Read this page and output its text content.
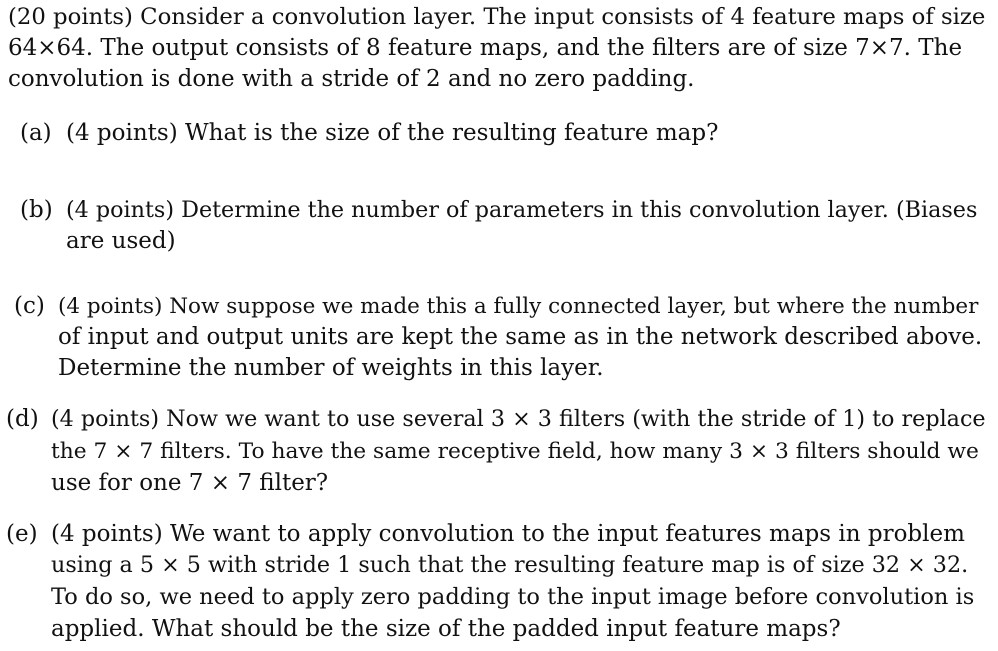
(20 points) Consider a convolution layer. The input consists of 4 feature maps of size
64×64. The output consists of 8 feature maps, and the filters are of size 7×7. The
convolution is done with a stride of 2 and no zero padding.
(a) (4 points) What is the size of the resulting feature map?
(b) (4 points) Determine the number of parameters in this convolution layer. (Biases
are used)
(c) (4 points) Now suppose we made this a fully connected layer, but where the number
of input and output units are kept the same as in the network described above.
Determine the number of weights in this layer.
(d) (4 points) Now we want to use several 3 × 3 filters (with the stride of 1) to replace
the 7 × 7 filters. To have the same receptive field, how many 3 × 3 filters should we
use for one 7 × 7 filter?
(e) (4 points) We want to apply convolution to the input features maps in problem
using a 5 × 5 with stride 1 such that the resulting feature map is of size 32 × 32.
To do so, we need to apply zero padding to the input image before convolution is
applied. What should be the size of the padded input feature maps?
